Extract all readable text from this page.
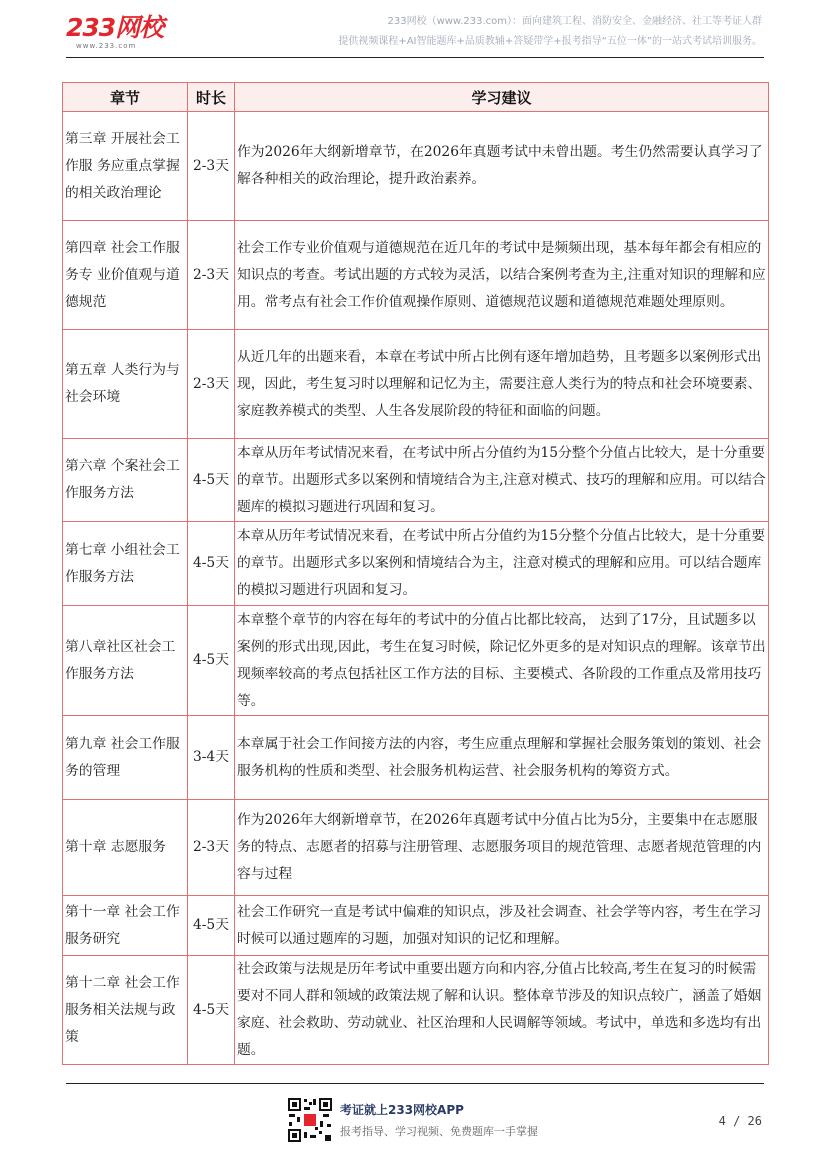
233网校
www.233.com
233网校（www.233.com）：面向建筑工程、消防安全、金融经济、社工等考证人群
提供视频课程+AI智能题库+品质教辅+答疑带学+报考指导“五位一体”的一站式考试培训服务。
章节	时长	学习建议
第三章 开展社会工作服 务应重点掌握的相关政治理论	2-3天	作为2026年大纲新增章节，在2026年真题考试中未曾出题。考生仍然需要认真学习了解各种相关的政治理论，提升政治素养。
第四章 社会工作服务专 业价值观与道德规范	2-3天	社会工作专业价值观与道德规范在近几年的考试中是频频出现，基本每年都会有相应的知识点的考查。考试出题的方式较为灵活，以结合案例考查为主,注重对知识的理解和应用。常考点有社会工作价值观操作原则、道德规范议题和道德规范难题处理原则。
第五章 人类行为与社会环境	2-3天	从近几年的出题来看，本章在考试中所占比例有逐年增加趋势，且考题多以案例形式出现，因此，考生复习时以理解和记忆为主，需要注意人类行为的特点和社会环境要素、家庭教养模式的类型、人生各发展阶段的特征和面临的问题。
第六章 个案社会工作服务方法	4-5天	本章从历年考试情况来看，在考试中所占分值约为15分整个分值占比较大，是十分重要的章节。出题形式多以案例和情境结合为主,注意对模式、技巧的理解和应用。可以结合题库的模拟习题进行巩固和复习。
第七章 小组社会工作服务方法	4-5天	本章从历年考试情况来看，在考试中所占分值约为15分整个分值占比较大，是十分重要的章节。出题形式多以案例和情境结合为主，注意对模式的理解和应用。可以结合题库的模拟习题进行巩固和复习。
第八章社区社会工作服务方法	4-5天	本章整个章节的内容在每年的考试中的分值占比都比较高， 达到了17分，且试题多以案例的形式出现,因此，考生在复习时候，除记忆外更多的是对知识点的理解。该章节出现频率较高的考点包括社区工作方法的目标、主要模式、各阶段的工作重点及常用技巧等。
第九章 社会工作服务的管理	3-4天	本章属于社会工作间接方法的内容，考生应重点理解和掌握社会服务策划的策划、社会服务机构的性质和类型、社会服务机构运营、社会服务机构的筹资方式。
第十章 志愿服务	2-3天	作为2026年大纲新增章节，在2026年真题考试中分值占比为5分，主要集中在志愿服务的特点、志愿者的招募与注册管理、志愿服务项目的规范管理、志愿者规范管理的内容与过程
第十一章 社会工作服务研究	4-5天	社会工作研究一直是考试中偏难的知识点，涉及社会调查、社会学等内容，考生在学习时候可以通过题库的习题，加强对知识的记忆和理解。
第十二章 社会工作服务相关法规与政策	4-5天	社会政策与法规是历年考试中重要出题方向和内容,分值占比较高,考生在复习的时候需要对不同人群和领域的政策法规了解和认识。整体章节涉及的知识点较广，涵盖了婚姻家庭、社会救助、劳动就业、社区治理和人民调解等领域。考试中，单选和多选均有出题。
考证就上233网校APP
报考指导、学习视频、免费题库一手掌握
4 / 26
